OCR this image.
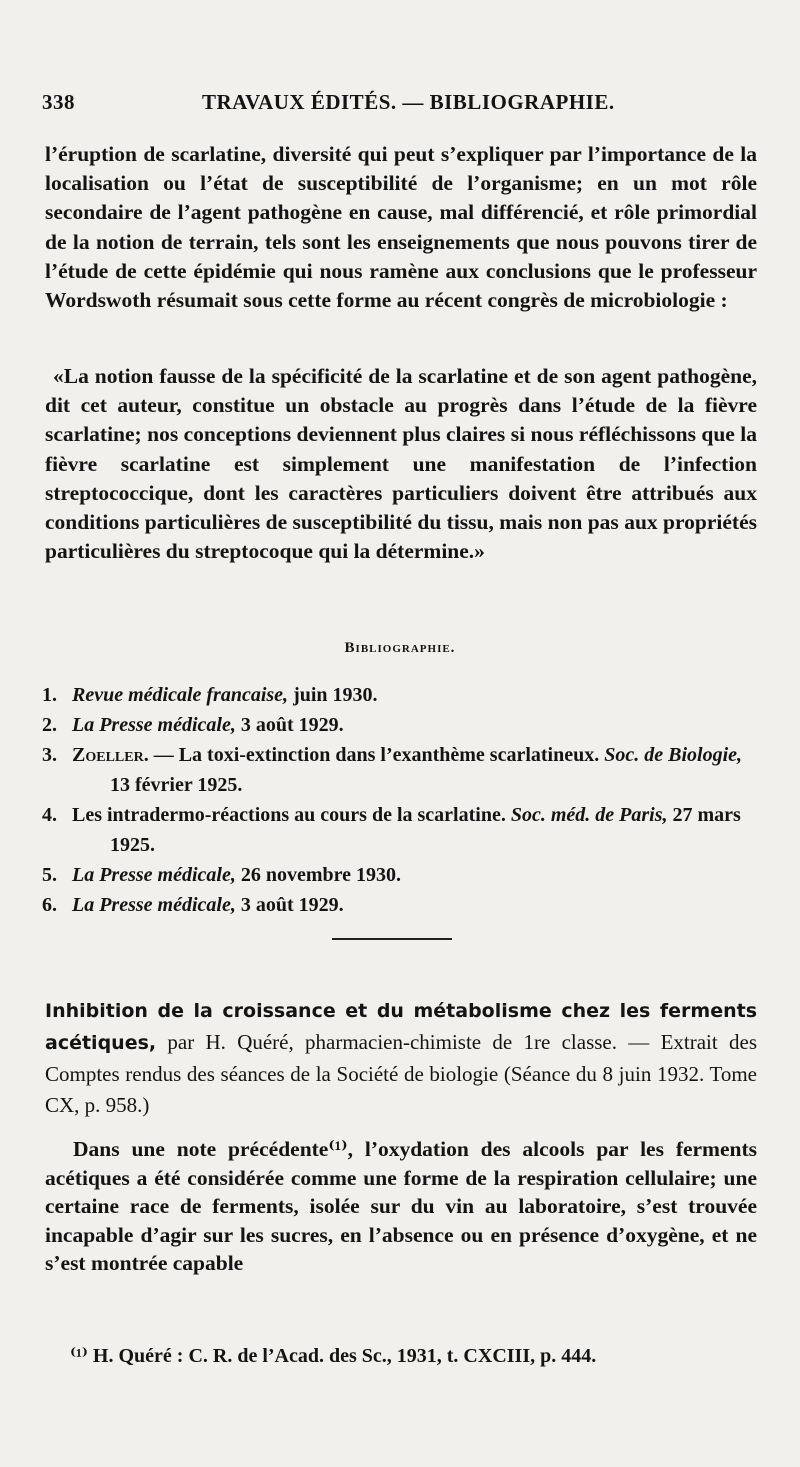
338	TRAVAUX ÉDITÉS. — BIBLIOGRAPHIE.

l’éruption de scarlatine, diversité qui peut s’expliquer par l’importance de la localisation ou l’état de susceptibilité de l’organisme; en un mot rôle secondaire de l’agent pathogène en cause, mal différencié, et rôle primordial de la notion de terrain, tels sont les enseignements que nous pouvons tirer de l’étude de cette épidémie qui nous ramène aux conclusions que le professeur Wordswoth résumait sous cette forme au récent congrès de microbiologie :

«La notion fausse de la spécificité de la scarlatine et de son agent pathogène, dit cet auteur, constitue un obstacle au progrès dans l’étude de la fièvre scarlatine; nos conceptions deviennent plus claires si nous réfléchissons que la fièvre scarlatine est simplement une manifestation de l’infection streptococcique, dont les caractères particuliers doivent être attribués aux conditions particulières de susceptibilité du tissu, mais non pas aux propriétés particulières du streptocoque qui la détermine.»

Bibliographie.
1. Revue médicale francaise, juin 1930.
2. La Presse médicale, 3 août 1929.
3. Zoeller. — La toxi-extinction dans l’exanthème scarlatineux. Soc. de Biologie, 13 février 1925.
4. Les intradermo-réactions au cours de la scarlatine. Soc. méd. de Paris, 27 mars 1925.
5. La Presse médicale, 26 novembre 1930.
6. La Presse médicale, 3 août 1929.
Inhibition de la croissance et du métabolisme chez les ferments acétiques, par H. Quéré, pharmacien-chimiste de 1re classe. — Extrait des Comptes rendus des séances de la Société de biologie (Séance du 8 juin 1932. Tome CX, p. 958.)
Dans une note précédente⁽¹⁾, l’oxydation des alcools par les ferments acétiques a été considérée comme une forme de la respiration cellulaire; une certaine race de ferments, isolée sur du vin au laboratoire, s’est trouvée incapable d’agir sur les sucres, en l’absence ou en présence d’oxygène, et ne s’est montrée capable
⁽¹⁾ H. Quéré : C. R. de l’Acad. des Sc., 1931, t. CXCIII, p. 444.
